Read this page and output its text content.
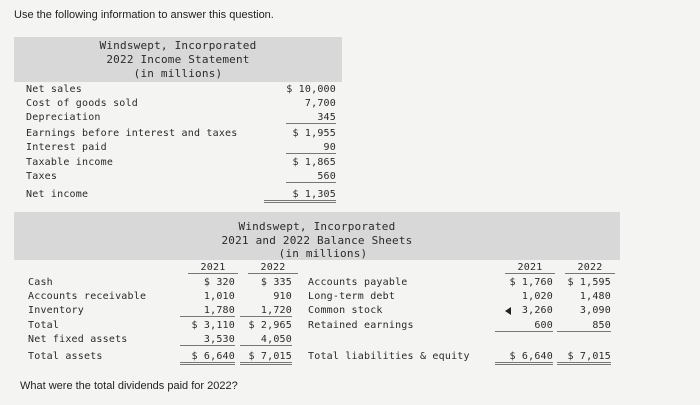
Use the following information to answer this question.
Windswept, Incorporated
2022 Income Statement
(in millions)
Net sales	$ 10,000
Cost of goods sold	7,700
Depreciation	345
Earnings before interest and taxes	$ 1,955
Interest paid	90
Taxable income	$ 1,865
Taxes	560
Net income	$ 1,305
Windswept, Incorporated
2021 and 2022 Balance Sheets
(in millions)
2021	2022
Cash	$ 320	$ 335
Accounts receivable	1,010	910
Inventory	1,780	1,720
Total	$ 3,110	$ 2,965
Net fixed assets	3,530	4,050
Total assets	$ 6,640	$ 7,015
2021	2022
Accounts payable	$ 1,760	$ 1,595
Long-term debt	1,020	1,480
Common stock	3,260	3,090
Retained earnings	600	850
Total liabilities & equity	$ 6,640	$ 7,015
What were the total dividends paid for 2022?
